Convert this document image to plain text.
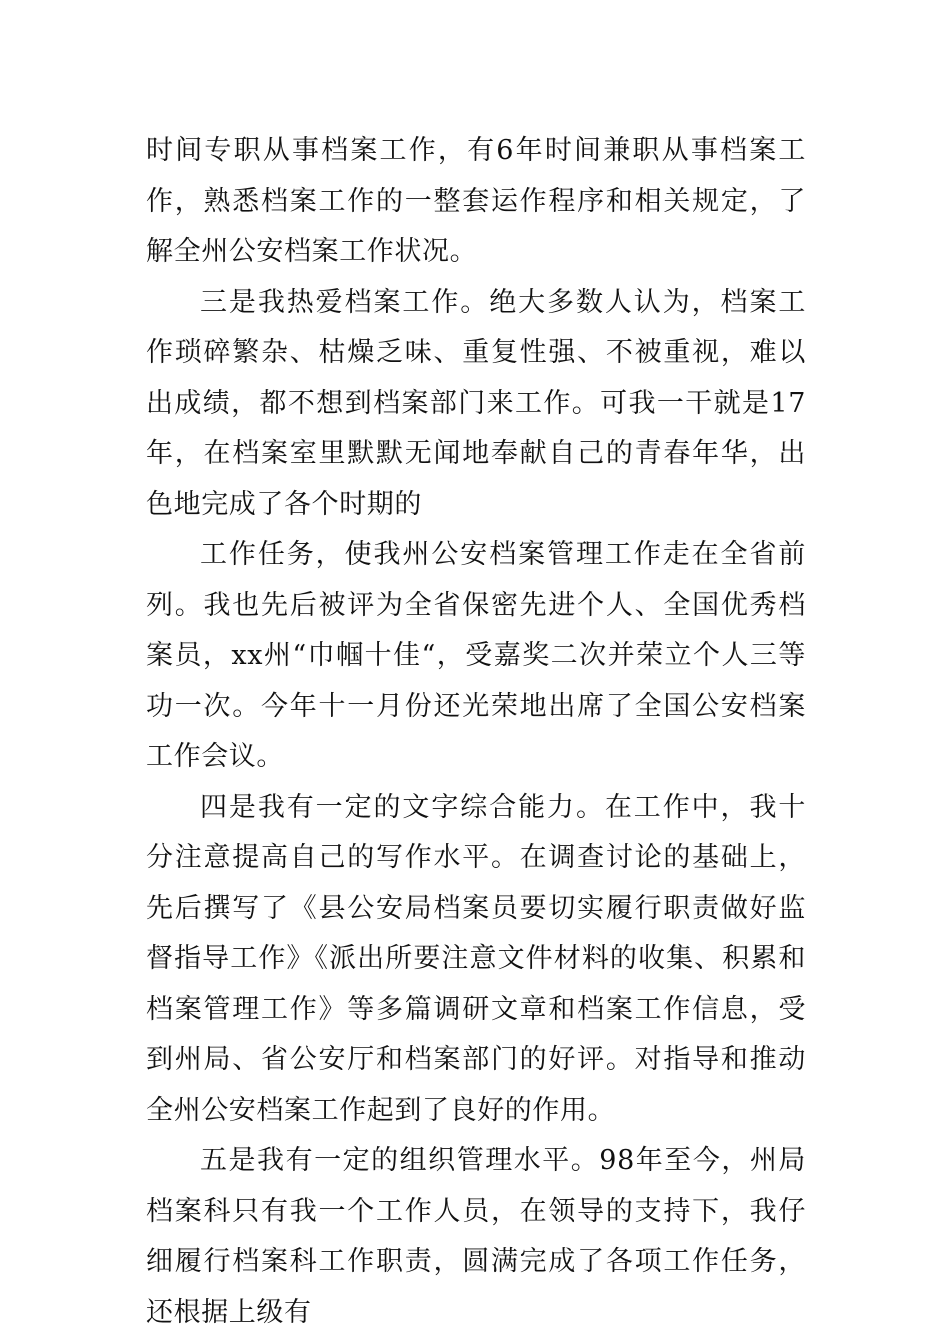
时间专职从事档案工作，有6年时间兼职从事档案工作，熟悉档案工作的一整套运作程序和相关规定，了解全州公安档案工作状况。

三是我热爱档案工作。绝大多数人认为，档案工作琐碎繁杂、枯燥乏味、重复性强、不被重视，难以出成绩，都不想到档案部门来工作。可我一干就是17年，在档案室里默默无闻地奉献自己的青春年华，出色地完成了各个时期的

工作任务，使我州公安档案管理工作走在全省前列。我也先后被评为全省保密先进个人、全国优秀档案员，xx州“巾帼十佳“，受嘉奖二次并荣立个人三等功一次。今年十一月份还光荣地出席了全国公安档案工作会议。

四是我有一定的文字综合能力。在工作中，我十分注意提高自己的写作水平。在调查讨论的基础上，先后撰写了《县公安局档案员要切实履行职责做好监督指导工作》《派出所要注意文件材料的收集、积累和档案管理工作》等多篇调研文章和档案工作信息，受到州局、省公安厅和档案部门的好评。对指导和推动全州公安档案工作起到了良好的作用。

五是我有一定的组织管理水平。98年至今，州局档案科只有我一个工作人员，在领导的支持下，我仔细履行档案科工作职责，圆满完成了各项工作任务，还根据上级有
